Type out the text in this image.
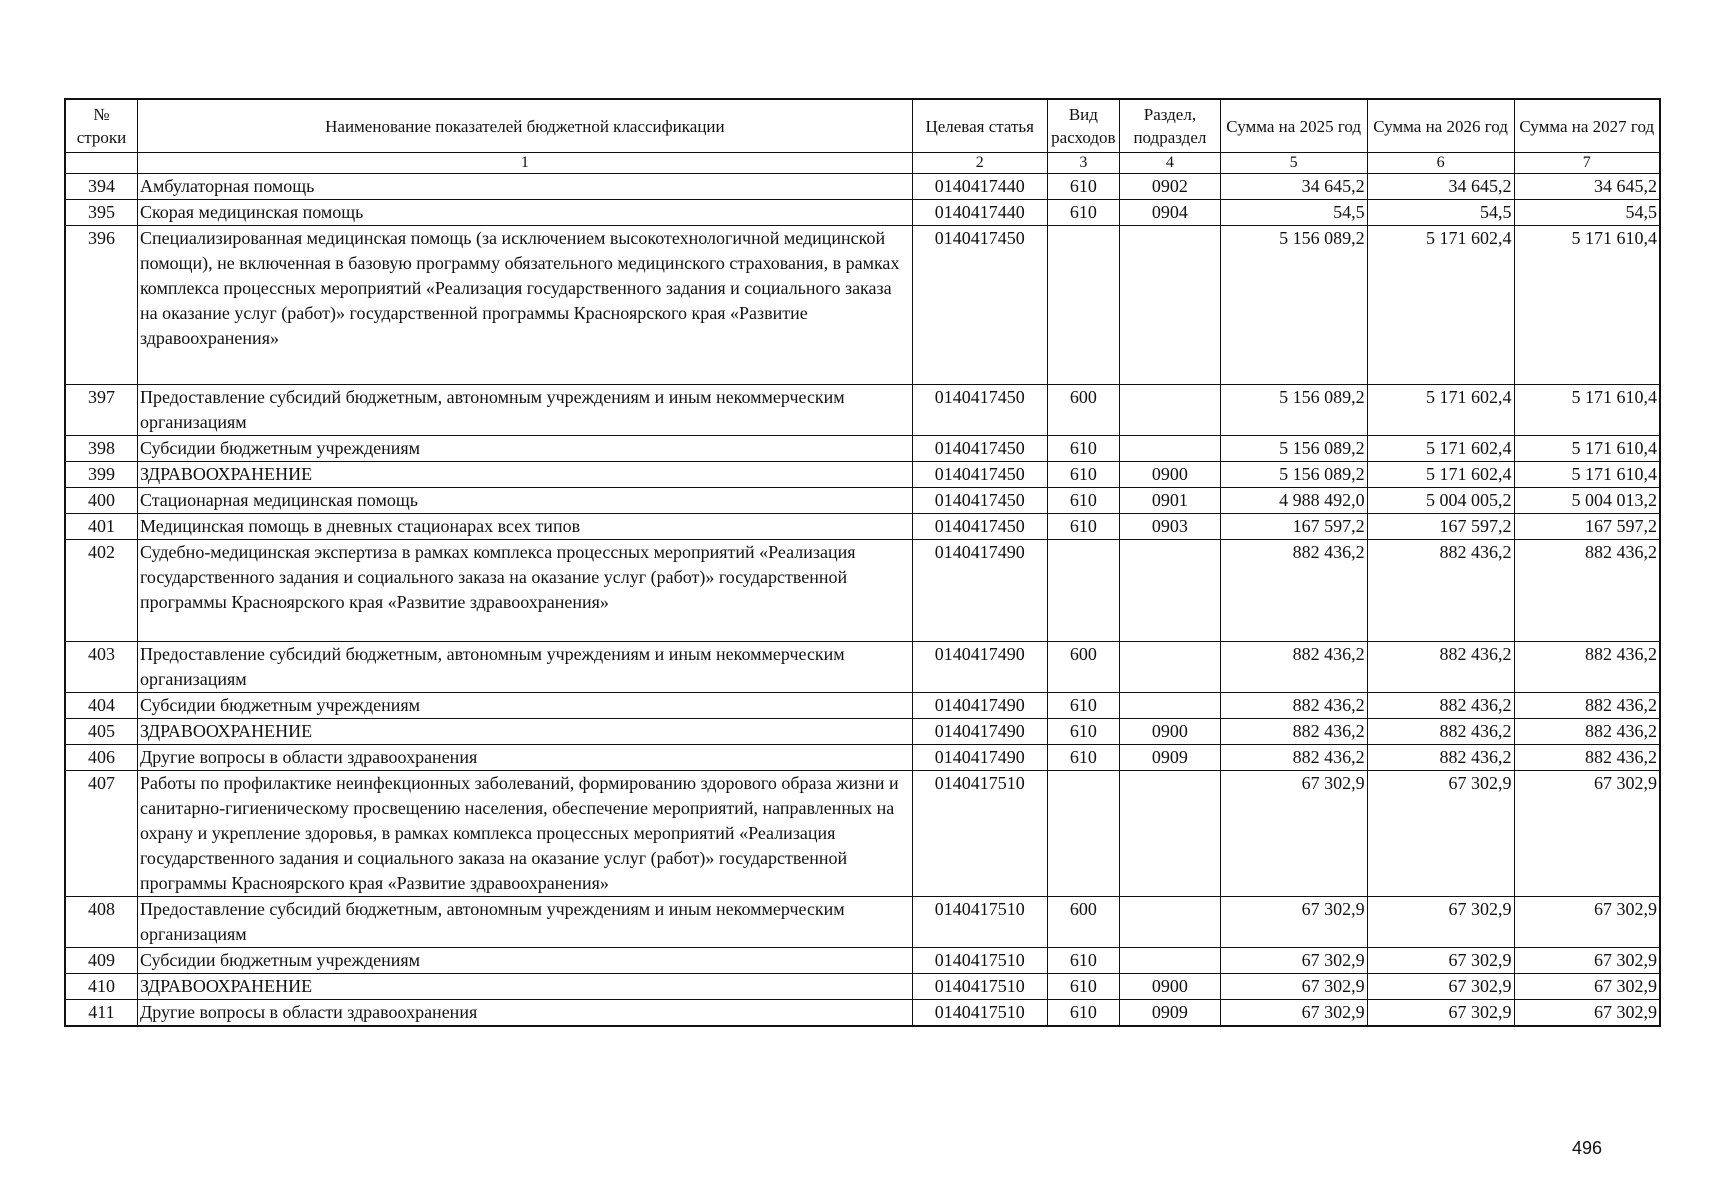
№ строки	Наименование показателей бюджетной классификации	Целевая статья	Вид расходов	Раздел, подраздел	Сумма на 2025 год	Сумма на 2026 год	Сумма на 2027 год
	1	2	3	4	5	6	7
394	Амбулаторная помощь	0140417440	610	0902	34 645,2	34 645,2	34 645,2
395	Скорая медицинская помощь	0140417440	610	0904	54,5	54,5	54,5
396	Специализированная медицинская помощь (за исключением высокотехнологичной медицинской помощи), не включенная в базовую программу обязательного медицинского страхования, в рамках комплекса процессных мероприятий «Реализация государственного задания и социального заказа на оказание услуг (работ)» государственной программы Красноярского края «Развитие здравоохранения»	0140417450			5 156 089,2	5 171 602,4	5 171 610,4
397	Предоставление субсидий бюджетным, автономным учреждениям и иным некоммерческим организациям	0140417450	600		5 156 089,2	5 171 602,4	5 171 610,4
398	Субсидии бюджетным учреждениям	0140417450	610		5 156 089,2	5 171 602,4	5 171 610,4
399	ЗДРАВООХРАНЕНИЕ	0140417450	610	0900	5 156 089,2	5 171 602,4	5 171 610,4
400	Стационарная медицинская помощь	0140417450	610	0901	4 988 492,0	5 004 005,2	5 004 013,2
401	Медицинская помощь в дневных стационарах всех типов	0140417450	610	0903	167 597,2	167 597,2	167 597,2
402	Судебно-медицинская экспертиза в рамках комплекса процессных мероприятий «Реализация государственного задания и социального заказа на оказание услуг (работ)» государственной программы Красноярского края «Развитие здравоохранения»	0140417490			882 436,2	882 436,2	882 436,2
403	Предоставление субсидий бюджетным, автономным учреждениям и иным некоммерческим организациям	0140417490	600		882 436,2	882 436,2	882 436,2
404	Субсидии бюджетным учреждениям	0140417490	610		882 436,2	882 436,2	882 436,2
405	ЗДРАВООХРАНЕНИЕ	0140417490	610	0900	882 436,2	882 436,2	882 436,2
406	Другие вопросы в области здравоохранения	0140417490	610	0909	882 436,2	882 436,2	882 436,2
407	Работы по профилактике неинфекционных заболеваний, формированию здорового образа жизни и санитарно-гигиеническому просвещению населения, обеспечение мероприятий, направленных на охрану и укрепление здоровья, в рамках комплекса процессных мероприятий «Реализация государственного задания и социального заказа на оказание услуг (работ)» государственной программы Красноярского края «Развитие здравоохранения»	0140417510			67 302,9	67 302,9	67 302,9
408	Предоставление субсидий бюджетным, автономным учреждениям и иным некоммерческим организациям	0140417510	600		67 302,9	67 302,9	67 302,9
409	Субсидии бюджетным учреждениям	0140417510	610		67 302,9	67 302,9	67 302,9
410	ЗДРАВООХРАНЕНИЕ	0140417510	610	0900	67 302,9	67 302,9	67 302,9
411	Другие вопросы в области здравоохранения	0140417510	610	0909	67 302,9	67 302,9	67 302,9
496
